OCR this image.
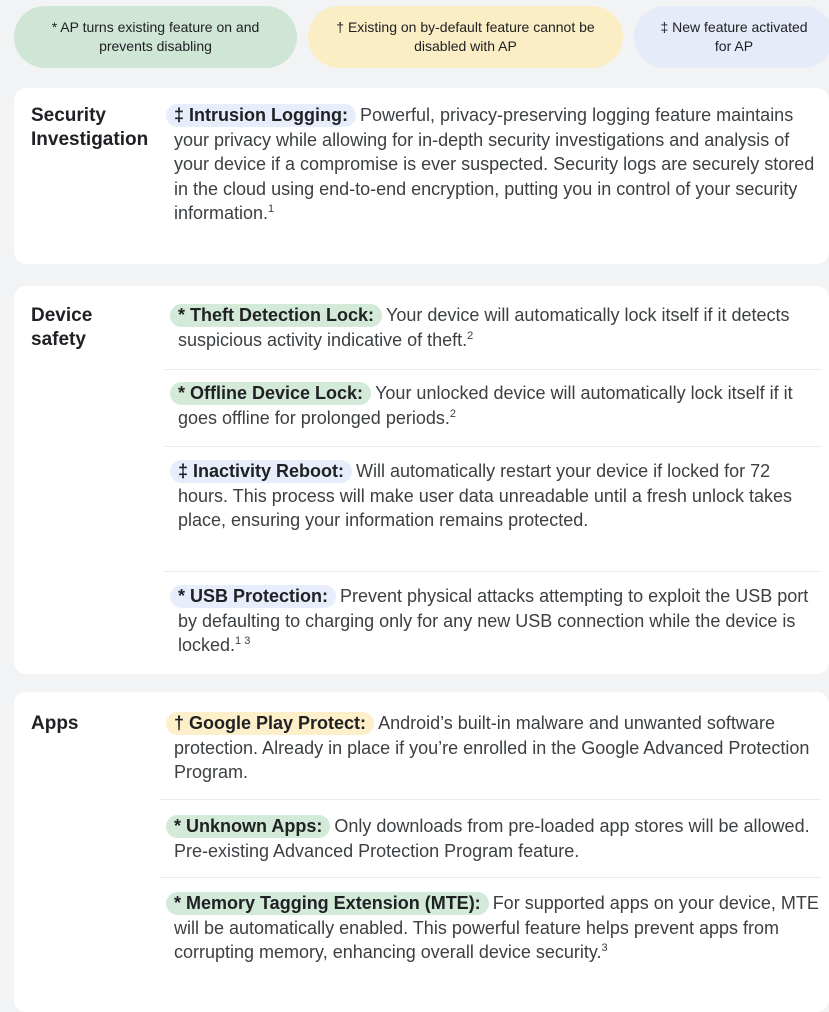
* AP turns existing feature on and prevents disabling
† Existing on by-default feature cannot be disabled with AP
‡ New feature activated for AP
Security Investigation

‡ Intrusion Logging: Powerful, privacy-preserving logging feature maintains your privacy while allowing for in-depth security investigations and analysis of your device if a compromise is ever suspected. Security logs are securely stored in the cloud using end-to-end encryption, putting you in control of your security information.$^1$

Device safety

* Theft Detection Lock: Your device will automatically lock itself if it detects suspicious activity indicative of theft.$^2$

* Offline Device Lock: Your unlocked device will automatically lock itself if it goes offline for prolonged periods.$^2$

‡ Inactivity Reboot: Will automatically restart your device if locked for 72 hours. This process will make user data unreadable until a fresh unlock takes place, ensuring your information remains protected.

* USB Protection: Prevent physical attacks attempting to exploit the USB port by defaulting to charging only for any new USB connection while the device is locked.$^{1 3}$

Apps	† Google Play Protect: Android’s built-in malware and unwanted software protection. Already in place if you’re enrolled in the Google Advanced Protection Program.

* Unknown Apps: Only downloads from pre-loaded app stores will be allowed. Pre-existing Advanced Protection Program feature.

* Memory Tagging Extension (MTE): For supported apps on your device, MTE will be automatically enabled. This powerful feature helps prevent apps from corrupting memory, enhancing overall device security.$^3$
